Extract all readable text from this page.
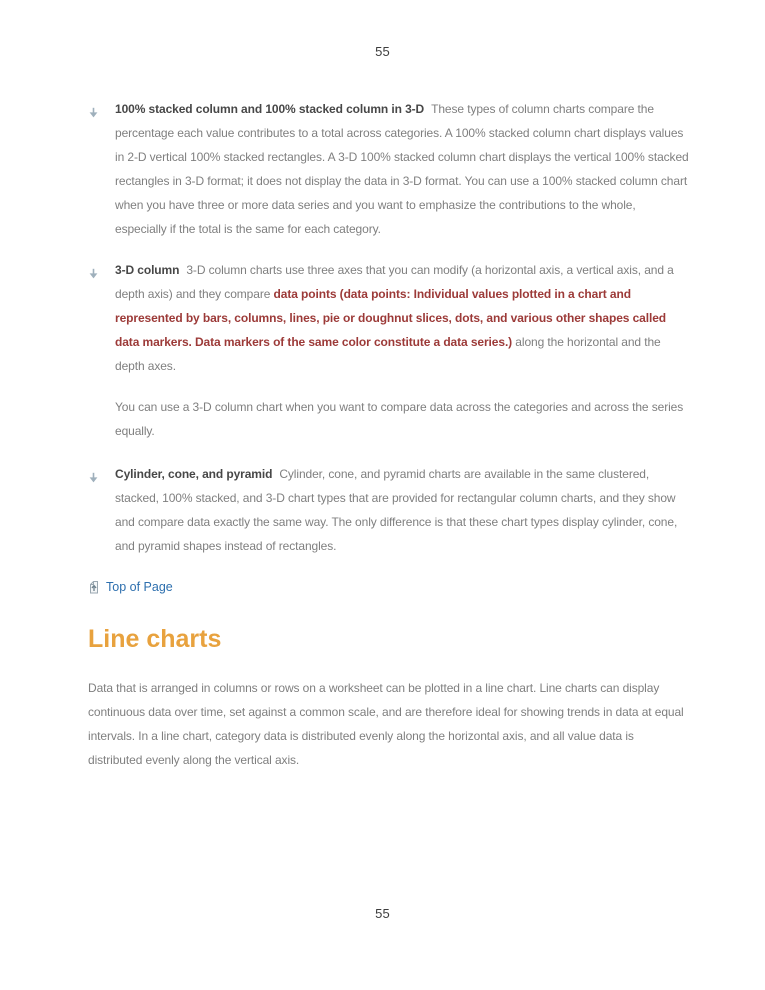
55
100% stacked column and 100% stacked column in 3-D These types of column charts compare the percentage each value contributes to a total across categories. A 100% stacked column chart displays values in 2-D vertical 100% stacked rectangles. A 3-D 100% stacked column chart displays the vertical 100% stacked rectangles in 3-D format; it does not display the data in 3-D format. You can use a 100% stacked column chart when you have three or more data series and you want to emphasize the contributions to the whole, especially if the total is the same for each category.
3-D column 3-D column charts use three axes that you can modify (a horizontal axis, a vertical axis, and a depth axis) and they compare data points (data points: Individual values plotted in a chart and represented by bars, columns, lines, pie or doughnut slices, dots, and various other shapes called data markers. Data markers of the same color constitute a data series.) along the horizontal and the depth axes.
You can use a 3-D column chart when you want to compare data across the categories and across the series equally.
Cylinder, cone, and pyramid Cylinder, cone, and pyramid charts are available in the same clustered, stacked, 100% stacked, and 3-D chart types that are provided for rectangular column charts, and they show and compare data exactly the same way. The only difference is that these chart types display cylinder, cone, and pyramid shapes instead of rectangles.
Top of Page
Line charts
Data that is arranged in columns or rows on a worksheet can be plotted in a line chart. Line charts can display continuous data over time, set against a common scale, and are therefore ideal for showing trends in data at equal intervals. In a line chart, category data is distributed evenly along the horizontal axis, and all value data is distributed evenly along the vertical axis.
55
